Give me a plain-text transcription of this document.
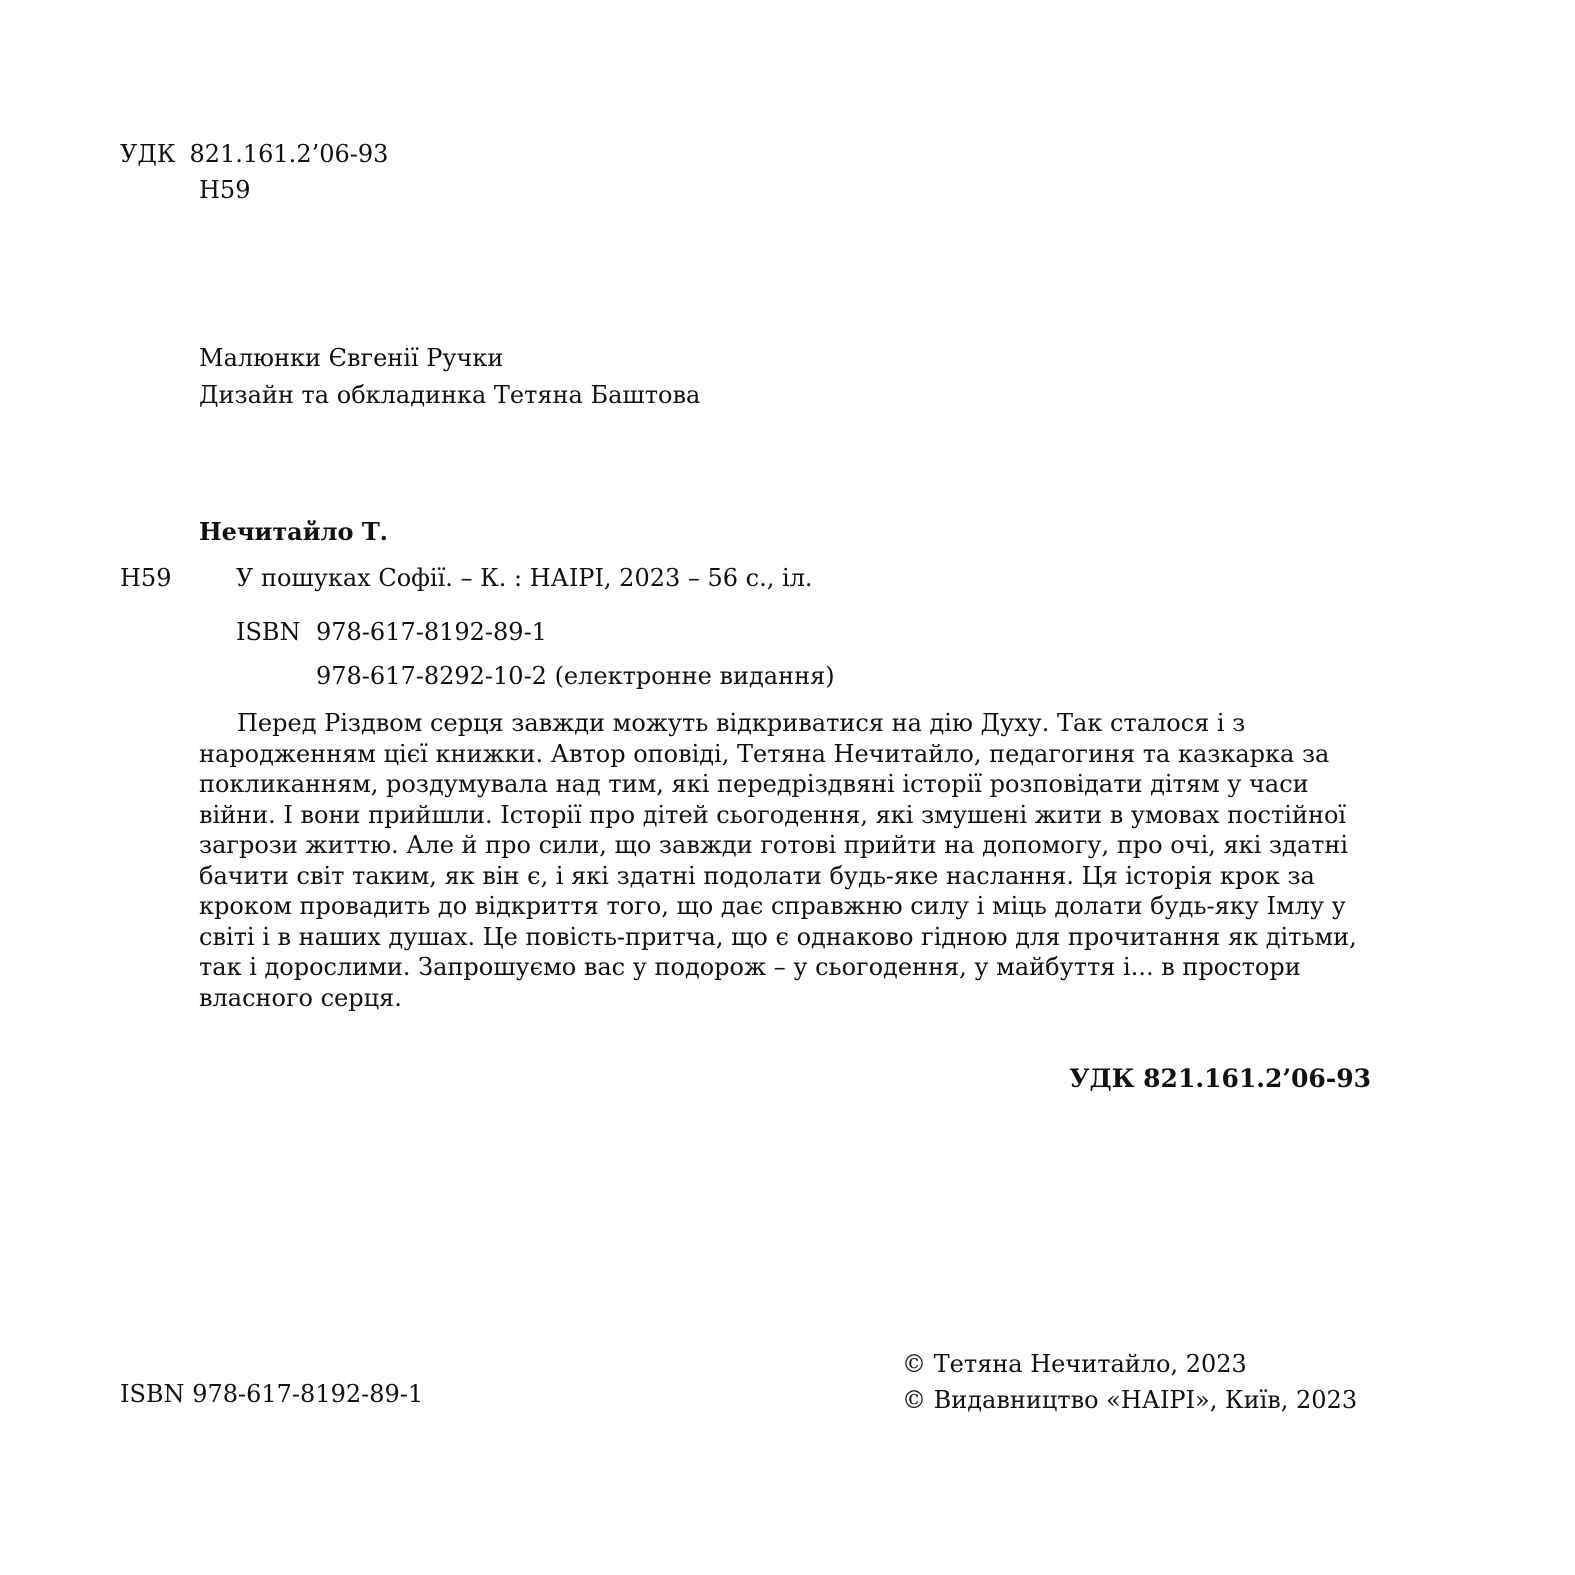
УДК 821.161.2’06-93
Н59
Малюнки Євгенії Ручки
Дизайн та обкладинка Тетяна Баштова
Нечитайло Т.
Н59	У пошуках Софії. – К. : НАІРІ, 2023 – 56 с., іл.
ISBN 978-617-8192-89-1
978-617-8292-10-2 (електронне видання)

Перед Різдвом серця завжди можуть відкриватися на дію Духу. Так сталося і з народженням цієї книжки. Автор оповіді, Тетяна Нечитайло, педагогиня та казкарка за покликанням, роздумувала над тим, які передріздвяні історії розповідати дітям у часи війни. І вони прийшли. Історії про дітей сьогодення, які змушені жити в умовах постійної загрози життю. Але й про сили, що завжди готові прийти на допомогу, про очі, які здатні бачити світ таким, як він є, і які здатні подолати будь-яке наслання. Ця історія крок за кроком провадить до відкриття того, що дає справжню силу і міць долати будь-яку Імлу у світі і в наших душах. Це повість-притча, що є однаково гідною для прочитання як дітьми, так і дорослими. Запрошуємо вас у подорож – у сьогодення, у майбуття і... в простори власного серця.

УДК 821.161.2’06-93
© Тетяна Нечитайло, 2023
© Видавництво «НАІРІ», Київ, 2023
ISBN 978-617-8192-89-1
